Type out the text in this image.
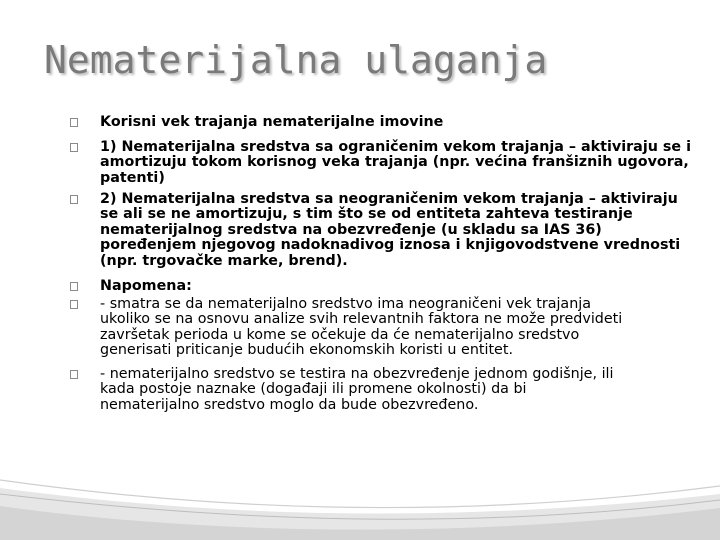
Nematerijalna ulaganja
Korisni vek trajanja nematerijalne imovine
1) Nematerijalna sredstva sa ograničenim vekom trajanja – aktiviraju se i
amortizuju tokom korisnog veka trajanja (npr. većina franšiznih ugovora,
patenti)
2) Nematerijalna sredstva sa neograničenim vekom trajanja – aktiviraju
se ali se ne amortizuju, s tim što se od entiteta zahteva testiranje
nematerijalnog sredstva na obezvređenje (u skladu sa IAS 36)
poređenjem njegovog nadoknadivog iznosa i knjigovodstvene vrednosti
(npr. trgovačke marke, brend).
Napomena:
- smatra se da nematerijalno sredstvo ima neograničeni vek trajanja
ukoliko se na osnovu analize svih relevantnih faktora ne može predvideti
završetak perioda u kome se očekuje da će nematerijalno sredstvo
generisati priticanje budućih ekonomskih koristi u entitet.
- nematerijalno sredstvo se testira na obezvređenje jednom godišnje, ili
kada postoje naznake (događaji ili promene okolnosti) da bi
nematerijalno sredstvo moglo da bude obezvređeno.
